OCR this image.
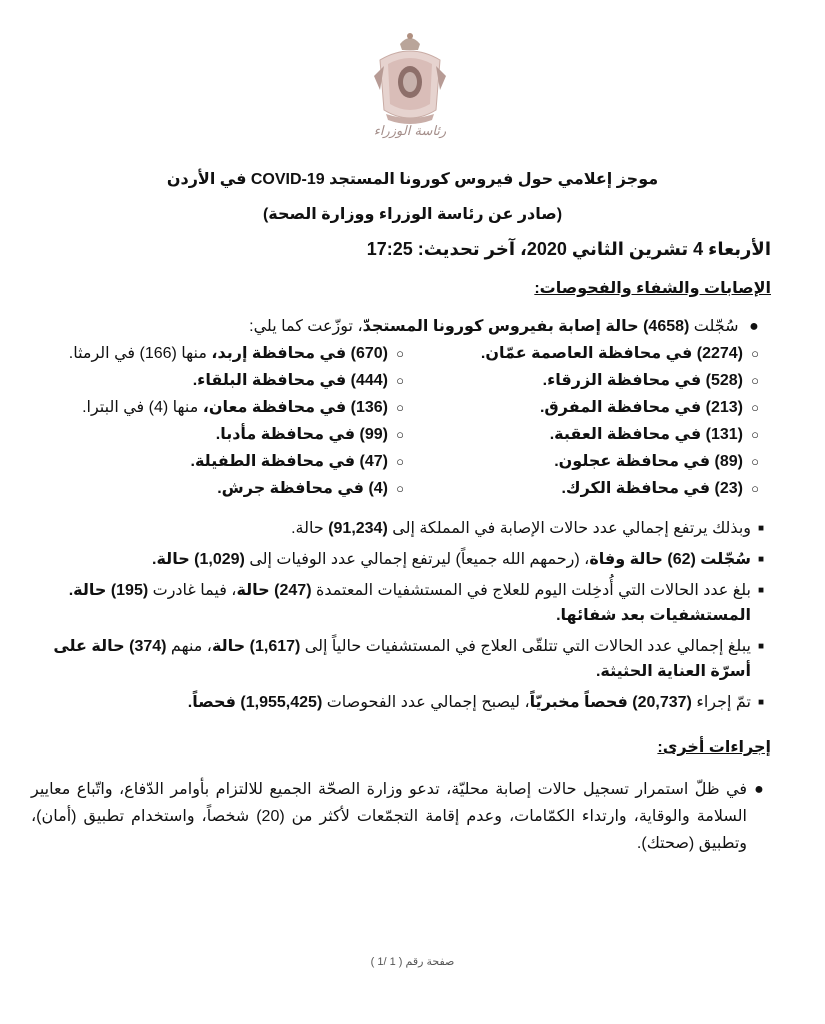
رئاسة الوزراء
موجز إعلامي حول فيروس كورونا المستجد COVID-19 في الأردن
(صادر عن رئاسة الوزراء ووزارة الصحة)
الأربعاء 4 تشرين الثاني 2020، آخر تحديث: 17:25
الإصابات والشفاء والفحوصات:
● سُجّلت (4658) حالة إصابة بفيروس كورونا المستجدّ، توزّعت كما يلي:
○(2274) في محافظة العاصمة عمّان.
○(670) في محافظة إربد، منها (166) في الرمثا.
○(528) في محافظة الزرقاء.
○(444) في محافظة البلقاء.
○(213) في محافظة المفرق.
○(136) في محافظة معان، منها (4) في البترا.
○(131) في محافظة العقبة.
○(99) في محافظة مأدبا.
○(89) في محافظة عجلون.
○(47) في محافظة الطفيلة.
○(23) في محافظة الكرك.
○(4) في محافظة جرش.
■
وبذلك يرتفع إجمالي عدد حالات الإصابة في المملكة إلى (91,234) حالة.
■
سُجّلت (62) حالة وفاة، (رحمهم الله جميعاً) ليرتفع إجمالي عدد الوفيات إلى (1,029) حالة.
■
بلغ عدد الحالات التي أُدخِلت اليوم للعلاج في المستشفيات المعتمدة (247) حالة، فيما غادرت (195) حالة. المستشفيات بعد شفائها.
■
يبلغ إجمالي عدد الحالات التي تتلقّى العلاج في المستشفيات حالياً إلى (1,617) حالة، منهم (374) حالة على أسرّة العناية الحثيثة.
■
تمّ إجراء (20,737) فحصاً مخبريّاً، ليصبح إجمالي عدد الفحوصات (1,955,425) فحصاً.
إجراءات أخرى:
●
في ظلّ استمرار تسجيل حالات إصابة محليّة، تدعو وزارة الصحّة الجميع للالتزام بأوامر الدّفاع، واتّباع معايير السلامة والوقاية، وارتداء الكمّامات، وعدم إقامة التجمّعات لأكثر من (20) شخصاً، واستخدام تطبيق (أمان)، وتطبيق (صحتك).
صفحة رقم ( 1 /1 )
